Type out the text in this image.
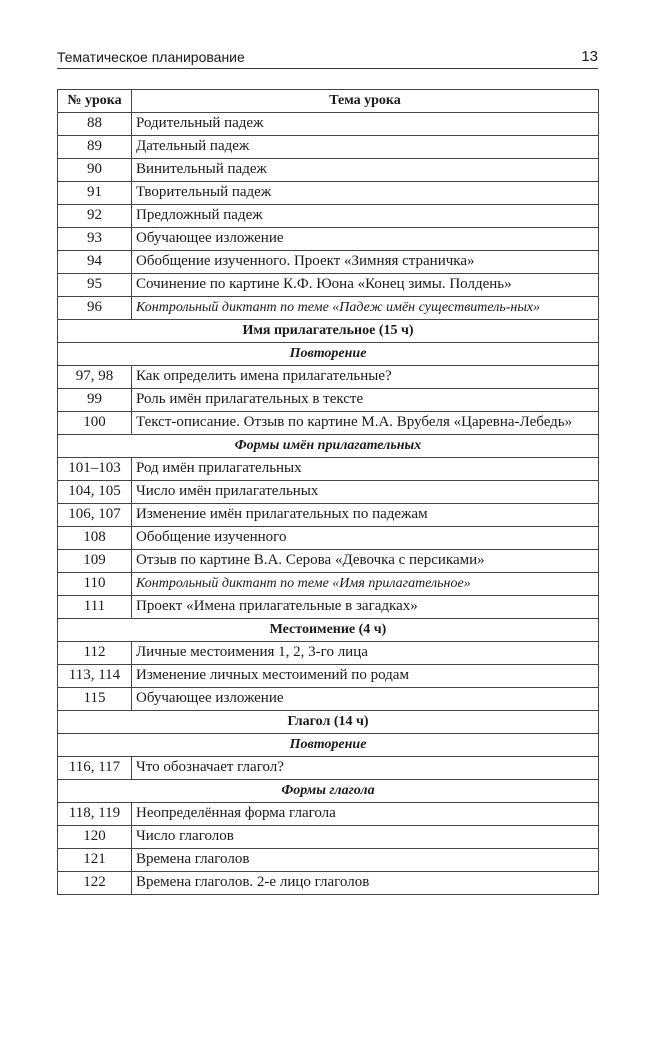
Тематическое планирование	13
№ урока	Тема урока
88	Родительный падеж
89	Дательный падеж
90	Винительный падеж
91	Творительный падеж
92	Предложный падеж
93	Обучающее изложение
94	Обобщение изученного. Проект «Зимняя страничка»
95	Сочинение по картине К.Ф. Юона «Конец зимы. Полдень»
96	Контрольный диктант по теме «Падеж имён существитель-ных»
Имя прилагательное (15 ч)	
Повторение	
97, 98	Как определить имена прилагательные?
99	Роль имён прилагательных в тексте
100	Текст-описание. Отзыв по картине М.А. Врубеля «Царевна-Лебедь»
Формы имён прилагательных	
101–103	Род имён прилагательных
104, 105	Число имён прилагательных
106, 107	Изменение имён прилагательных по падежам
108	Обобщение изученного
109	Отзыв по картине В.А. Серова «Девочка с персиками»
110	Контрольный диктант по теме «Имя прилагательное»
111	Проект «Имена прилагательные в загадках»
Местоимение (4 ч)	
112	Личные местоимения 1, 2, 3-го лица
113, 114	Изменение личных местоимений по родам
115	Обучающее изложение
Глагол (14 ч)	
Повторение	
116, 117	Что обозначает глагол?
Формы глагола	
118, 119	Неопределённая форма глагола
120	Число глаголов
121	Времена глаголов
122	Времена глаголов. 2-е лицо глаголов
